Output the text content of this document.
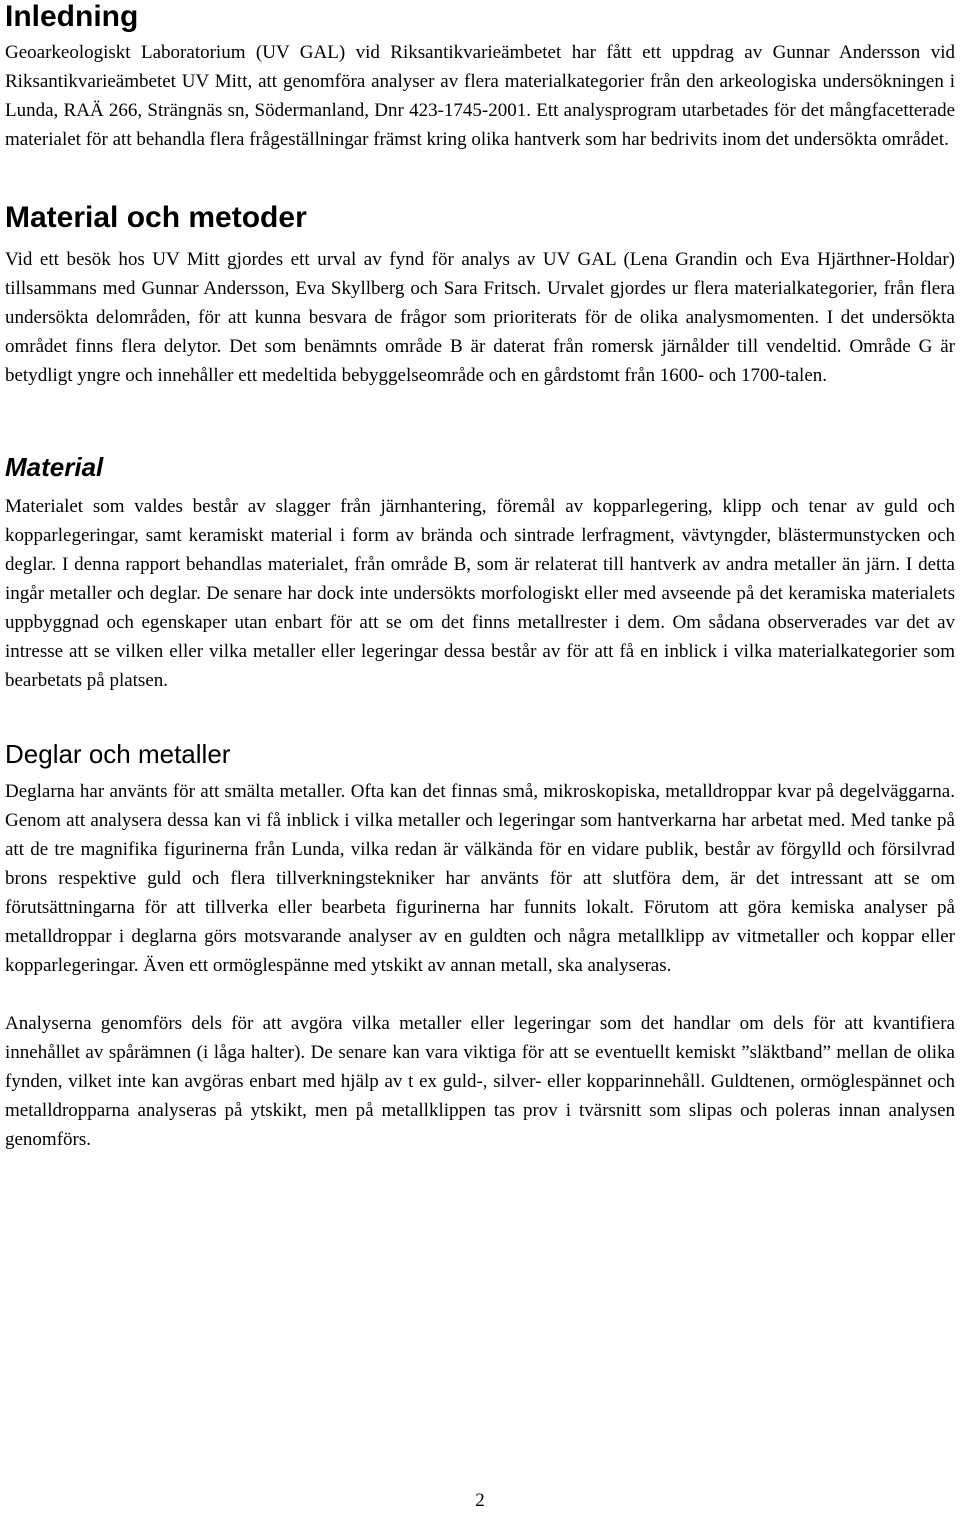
Inledning

Geoarkeologiskt Laboratorium (UV GAL) vid Riksantikvarieämbetet har fått ett uppdrag av Gunnar Andersson vid Riksantikvarieämbetet UV Mitt, att genomföra analyser av flera materialkategorier från den arkeologiska undersökningen i Lunda, RAÄ 266, Strängnäs sn, Södermanland, Dnr 423-1745-2001. Ett analysprogram utarbetades för det mångfacetterade materialet för att behandla flera frågeställningar främst kring olika hantverk som har bedrivits inom det undersökta området.

Material och metoder

Vid ett besök hos UV Mitt gjordes ett urval av fynd för analys av UV GAL (Lena Grandin och Eva Hjärthner-Holdar) tillsammans med Gunnar Andersson, Eva Skyllberg och Sara Fritsch. Urvalet gjordes ur flera materialkategorier, från flera undersökta delområden, för att kunna besvara de frågor som prioriterats för de olika analysmomenten. I det undersökta området finns flera delytor. Det som benämnts område B är daterat från romersk järnålder till vendeltid. Område G är betydligt yngre och innehåller ett medeltida bebyggelseområde och en gårdstomt från 1600- och 1700-talen.

Material

Materialet som valdes består av slagger från järnhantering, föremål av kopparlegering, klipp och tenar av guld och kopparlegeringar, samt keramiskt material i form av brända och sintrade lerfragment, vävtyngder, blästermunstycken och deglar. I denna rapport behandlas materialet, från område B, som är relaterat till hantverk av andra metaller än järn. I detta ingår metaller och deglar. De senare har dock inte undersökts morfologiskt eller med avseende på det keramiska materialets uppbyggnad och egenskaper utan enbart för att se om det finns metallrester i dem. Om sådana observerades var det av intresse att se vilken eller vilka metaller eller legeringar dessa består av för att få en inblick i vilka materialkategorier som bearbetats på platsen.

Deglar och metaller

Deglarna har använts för att smälta metaller. Ofta kan det finnas små, mikroskopiska, metalldroppar kvar på degelväggarna. Genom att analysera dessa kan vi få inblick i vilka metaller och legeringar som hantverkarna har arbetat med. Med tanke på att de tre magnifika figurinerna från Lunda, vilka redan är välkända för en vidare publik, består av förgylld och försilvrad brons respektive guld och flera tillverkningstekniker har använts för att slutföra dem, är det intressant att se om förutsättningarna för att tillverka eller bearbeta figurinerna har funnits lokalt. Förutom att göra kemiska analyser på metalldroppar i deglarna görs motsvarande analyser av en guldten och några metallklipp av vitmetaller och koppar eller kopparlegeringar. Även ett ormöglespänne med ytskikt av annan metall, ska analyseras.

Analyserna genomförs dels för att avgöra vilka metaller eller legeringar som det handlar om dels för att kvantifiera innehållet av spårämnen (i låga halter). De senare kan vara viktiga för att se eventuellt kemiskt ”släktband” mellan de olika fynden, vilket inte kan avgöras enbart med hjälp av t ex guld-, silver- eller kopparinnehåll. Guldtenen, ormöglespännet och metalldropparna analyseras på ytskikt, men på metallklippen tas prov i tvärsnitt som slipas och poleras innan analysen genomförs.

2
